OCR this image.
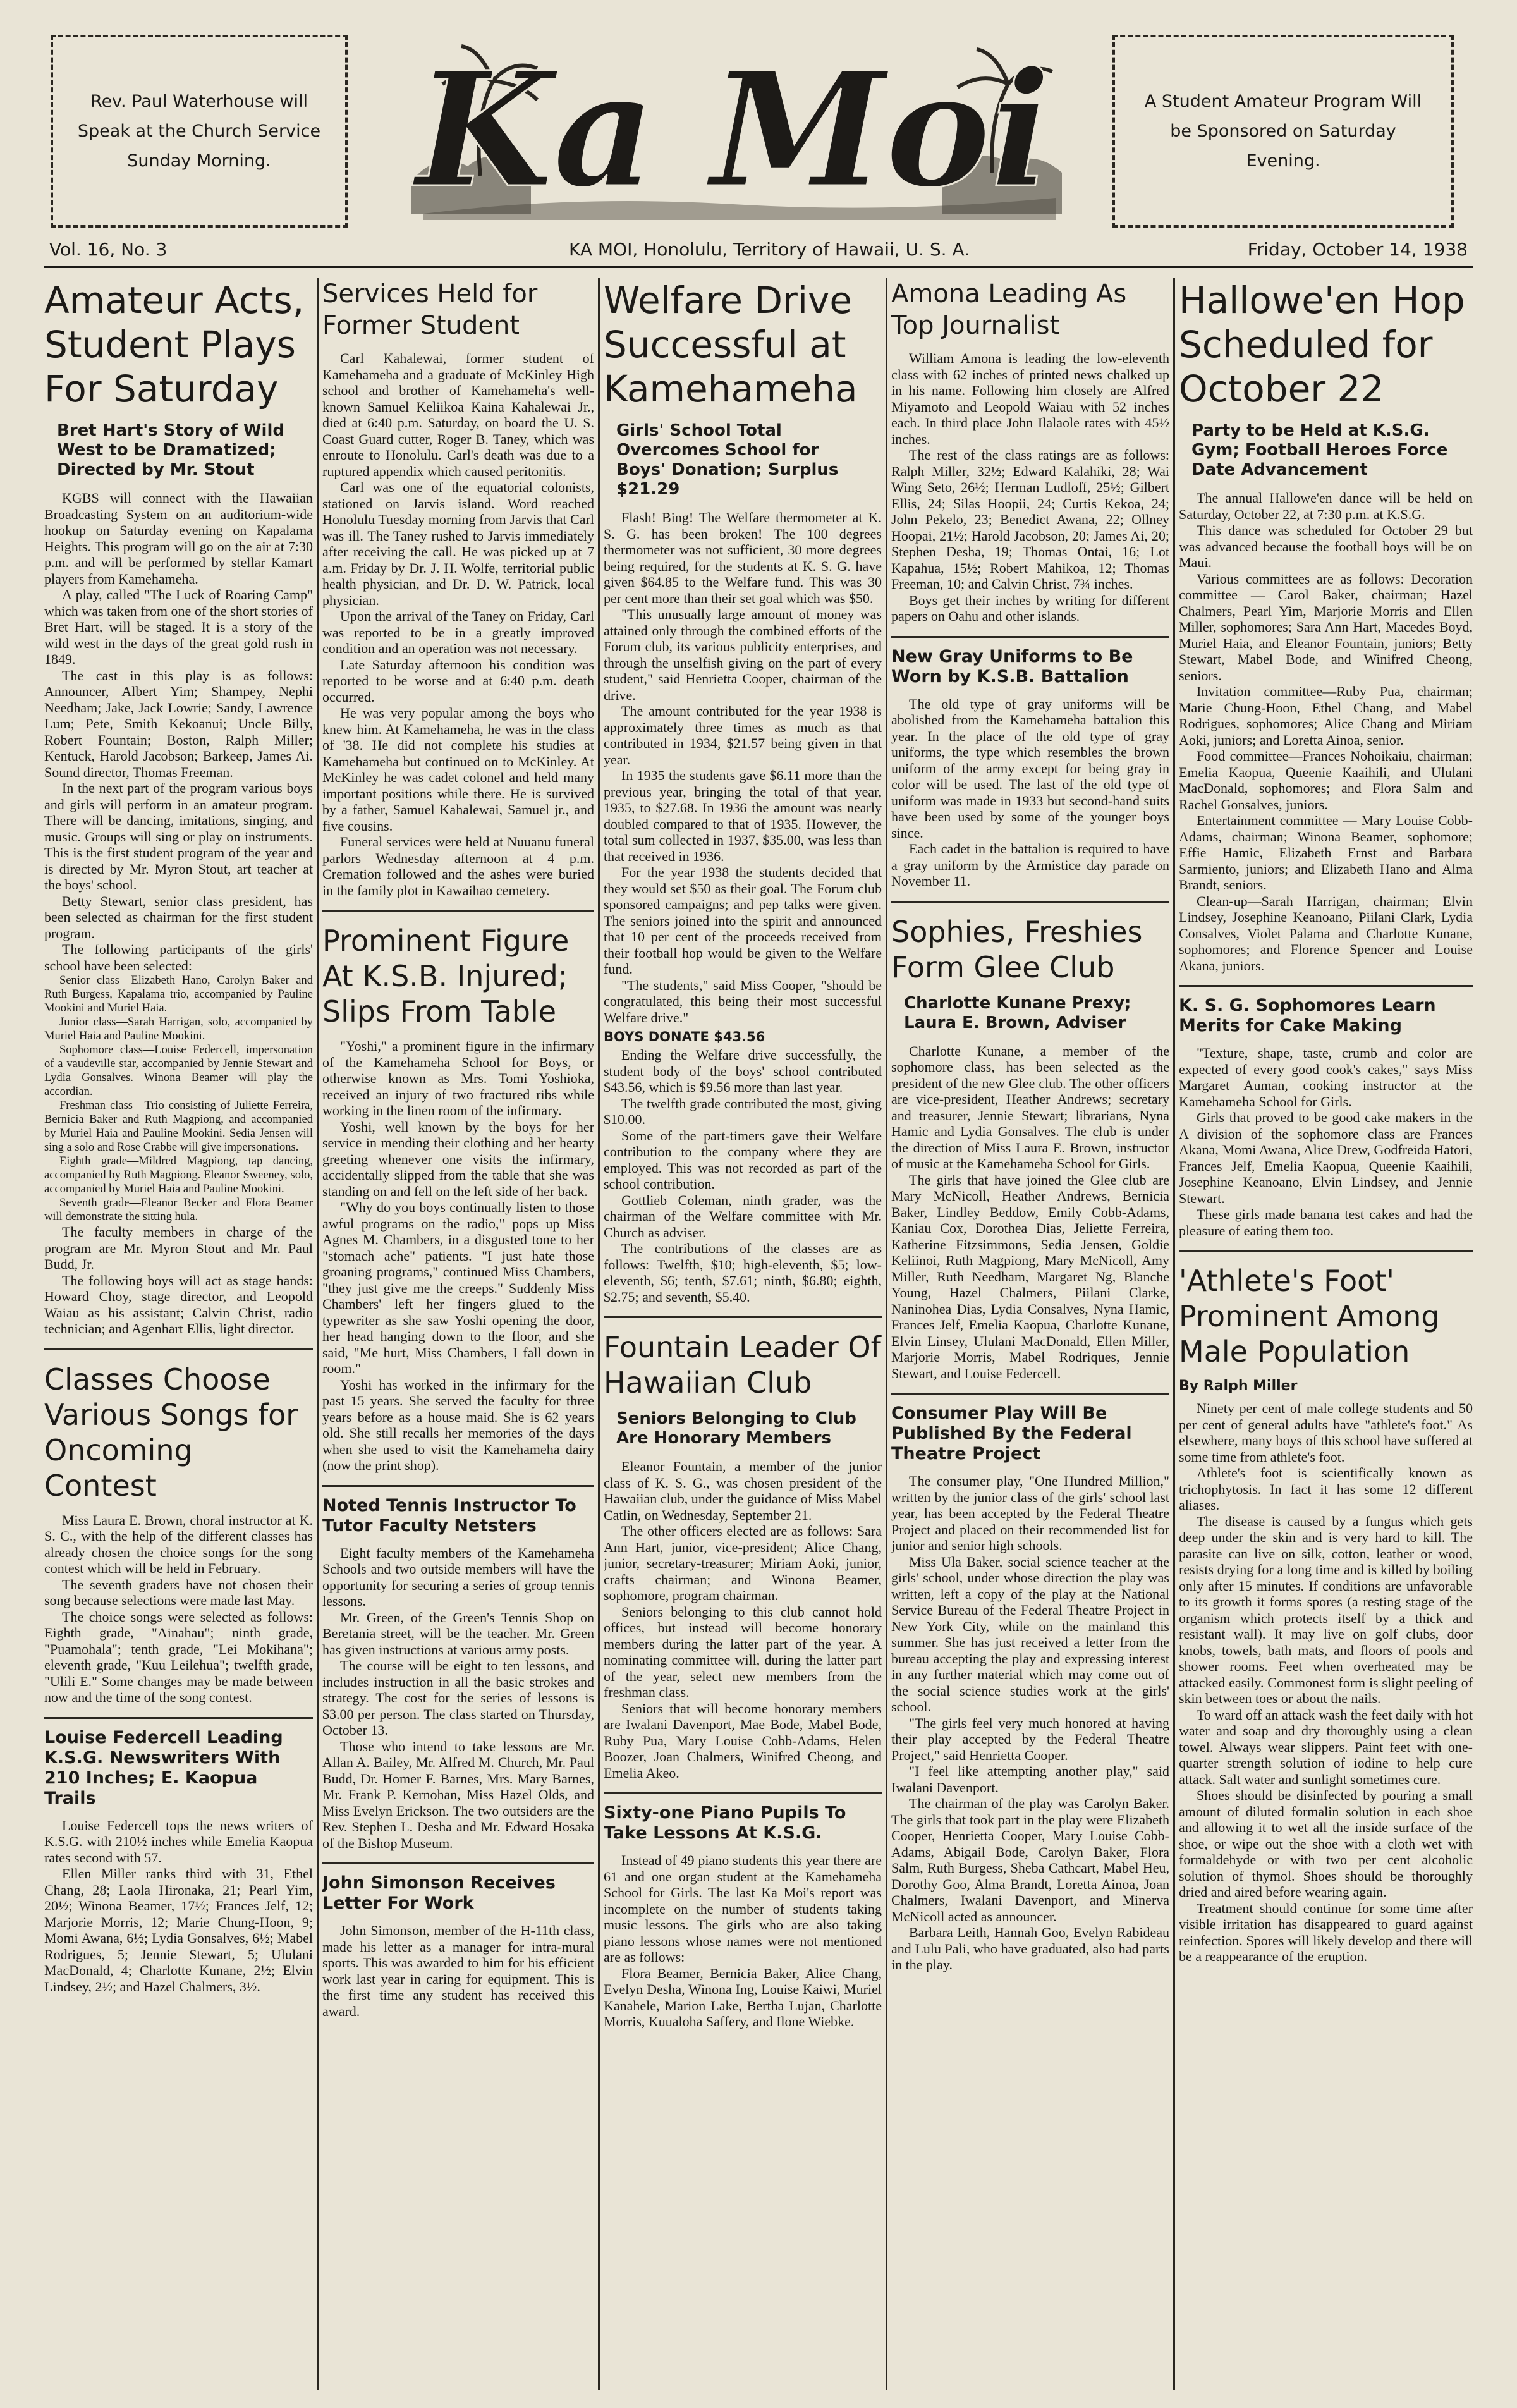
Rev. Paul Waterhouse will Speak at the Church Service Sunday Morning. Ka Moi	A Student Amateur Program Will be Sponsored on Saturday Evening.
Vol. 16, No. 3	KA MOI, Honolulu, Territory of Hawaii, U. S. A.	Friday, October 14, 1938
Amateur Acts, Student Plays For Saturday
Bret Hart's Story of Wild West to be Dramatized; Directed by Mr. Stout

KGBS will connect with the Hawaiian Broadcasting System on an auditorium-wide hookup on Saturday evening on Kapalama Heights. This program will go on the air at 7:30 p.m. and will be performed by stellar Kamart players from Kamehameha.

A play, called "The Luck of Roaring Camp" which was taken from one of the short stories of Bret Hart, will be staged. It is a story of the wild west in the days of the great gold rush in 1849.

The cast in this play is as follows: Announcer, Albert Yim; Shampey, Nephi Needham; Jake, Jack Lowrie; Sandy, Lawrence Lum; Pete, Smith Kekoanui; Uncle Billy, Robert Fountain; Boston, Ralph Miller; Kentuck, Harold Jacobson; Barkeep, James Ai. Sound director, Thomas Freeman.

In the next part of the program various boys and girls will perform in an amateur program. There will be dancing, imitations, singing, and music. Groups will sing or play on instruments. This is the first student program of the year and is directed by Mr. Myron Stout, art teacher at the boys' school.

Betty Stewart, senior class president, has been selected as chairman for the first student program.

The following participants of the girls' school have been selected:

Senior class—Elizabeth Hano, Carolyn Baker and Ruth Burgess, Kapalama trio, accompanied by Pauline Mookini and Muriel Haia.

Junior class—Sarah Harrigan, solo, accompanied by Muriel Haia and Pauline Mookini.

Sophomore class—Louise Federcell, impersonation of a vaudeville star, accompanied by Jennie Stewart and Lydia Gonsalves. Winona Beamer will play the accordian.

Freshman class—Trio consisting of Juliette Ferreira, Bernicia Baker and Ruth Magpiong, and accompanied by Muriel Haia and Pauline Mookini. Sedia Jensen will sing a solo and Rose Crabbe will give impersonations.

Eighth grade—Mildred Magpiong, tap dancing, accompanied by Ruth Magpiong. Eleanor Sweeney, solo, accompanied by Muriel Haia and Pauline Mookini.

Seventh grade—Eleanor Becker and Flora Beamer will demonstrate the sitting hula.

The faculty members in charge of the program are Mr. Myron Stout and Mr. Paul Budd, Jr.

The following boys will act as stage hands: Howard Choy, stage director, and Leopold Waiau as his assistant; Calvin Christ, radio technician; and Agenhart Ellis, light director.

Classes Choose Various Songs for Oncoming Contest

Miss Laura E. Brown, choral instructor at K. S. C., with the help of the different classes has already chosen the choice songs for the song contest which will be held in February.

The seventh graders have not chosen their song because selections were made last May.

The choice songs were selected as follows: Eighth grade, "Ainahau"; ninth grade, "Puamohala"; tenth grade, "Lei Mokihana"; eleventh grade, "Kuu Leilehua"; twelfth grade, "Ulili E." Some changes may be made between now and the time of the song contest.

Louise Federcell Leading K.S.G. Newswriters With 210 Inches; E. Kaopua Trails

Louise Federcell tops the news writers of K.S.G. with 210½ inches while Emelia Kaopua rates second with 57.

Ellen Miller ranks third with 31, Ethel Chang, 28; Laola Hironaka, 21; Pearl Yim, 20½; Winona Beamer, 17½; Frances Jelf, 12; Marjorie Morris, 12; Marie Chung-Hoon, 9; Momi Awana, 6½; Lydia Gonsalves, 6½; Mabel Rodrigues, 5; Jennie Stewart, 5; Ululani MacDonald, 4; Charlotte Kunane, 2½; Elvin Lindsey, 2½; and Hazel Chalmers, 3½.

Services Held for Former Student

Carl Kahalewai, former student of Kamehameha and a graduate of McKinley High school and brother of Kamehameha's well-known Samuel Keliikoa Kaina Kahalewai Jr., died at 6:40 p.m. Saturday, on board the U. S. Coast Guard cutter, Roger B. Taney, which was enroute to Honolulu. Carl's death was due to a ruptured appendix which caused peritonitis.

Carl was one of the equatorial colonists, stationed on Jarvis island. Word reached Honolulu Tuesday morning from Jarvis that Carl was ill. The Taney rushed to Jarvis immediately after receiving the call. He was picked up at 7 a.m. Friday by Dr. J. H. Wolfe, territorial public health physician, and Dr. D. W. Patrick, local physician.

Upon the arrival of the Taney on Friday, Carl was reported to be in a greatly improved condition and an operation was not necessary.

Late Saturday afternoon his condition was reported to be worse and at 6:40 p.m. death occurred.

He was very popular among the boys who knew him. At Kamehameha, he was in the class of '38. He did not complete his studies at Kamehameha but continued on to McKinley. At McKinley he was cadet colonel and held many important positions while there. He is survived by a father, Samuel Kahalewai, Samuel jr., and five cousins.

Funeral services were held at Nuuanu funeral parlors Wednesday afternoon at 4 p.m. Cremation followed and the ashes were buried in the family plot in Kawaihao cemetery.

Prominent Figure At K.S.B. Injured; Slips From Table

"Yoshi," a prominent figure in the infirmary of the Kamehameha School for Boys, or otherwise known as Mrs. Tomi Yoshioka, received an injury of two fractured ribs while working in the linen room of the infirmary.

Yoshi, well known by the boys for her service in mending their clothing and her hearty greeting whenever one visits the infirmary, accidentally slipped from the table that she was standing on and fell on the left side of her back.

"Why do you boys continually listen to those awful programs on the radio," pops up Miss Agnes M. Chambers, in a disgusted tone to her "stomach ache" patients. "I just hate those groaning programs," continued Miss Chambers, "they just give me the creeps." Suddenly Miss Chambers' left her fingers glued to the typewriter as she saw Yoshi opening the door, her head hanging down to the floor, and she said, "Me hurt, Miss Chambers, I fall down in room."

Yoshi has worked in the infirmary for the past 15 years. She served the faculty for three years before as a house maid. She is 62 years old. She still recalls her memories of the days when she used to visit the Kamehameha dairy (now the print shop).

Noted Tennis Instructor To Tutor Faculty Netsters

Eight faculty members of the Kamehameha Schools and two outside members will have the opportunity for securing a series of group tennis lessons.

Mr. Green, of the Green's Tennis Shop on Beretania street, will be the teacher. Mr. Green has given instructions at various army posts.

The course will be eight to ten lessons, and includes instruction in all the basic strokes and strategy. The cost for the series of lessons is $3.00 per person. The class started on Thursday, October 13.

Those who intend to take lessons are Mr. Allan A. Bailey, Mr. Alfred M. Church, Mr. Paul Budd, Dr. Homer F. Barnes, Mrs. Mary Barnes, Mr. Frank P. Kernohan, Miss Hazel Olds, and Miss Evelyn Erickson. The two outsiders are the Rev. Stephen L. Desha and Mr. Edward Hosaka of the Bishop Museum.

John Simonson Receives Letter For Work

John Simonson, member of the H-11th class, made his letter as a manager for intra-mural sports. This was awarded to him for his efficient work last year in caring for equipment. This is the first time any student has received this award.

Welfare Drive Successful at Kamehameha
Girls' School Total Overcomes School for Boys' Donation; Surplus $21.29

Flash! Bing! The Welfare thermometer at K. S. G. has been broken! The 100 degrees thermometer was not sufficient, 30 more degrees being required, for the students at K. S. G. have given $64.85 to the Welfare fund. This was 30 per cent more than their set goal which was $50.

"This unusually large amount of money was attained only through the combined efforts of the Forum club, its various publicity enterprises, and through the unselfish giving on the part of every student," said Henrietta Cooper, chairman of the drive.

The amount contributed for the year 1938 is approximately three times as much as that contributed in 1934, $21.57 being given in that year.

In 1935 the students gave $6.11 more than the previous year, bringing the total of that year, 1935, to $27.68. In 1936 the amount was nearly doubled compared to that of 1935. However, the total sum collected in 1937, $35.00, was less than that received in 1936.

For the year 1938 the students decided that they would set $50 as their goal. The Forum club sponsored campaigns; and pep talks were given. The seniors joined into the spirit and announced that 10 per cent of the proceeds received from their football hop would be given to the Welfare fund.

"The students," said Miss Cooper, "should be congratulated, this being their most successful Welfare drive."

BOYS DONATE $43.56

Ending the Welfare drive successfully, the student body of the boys' school contributed $43.56, which is $9.56 more than last year.

The twelfth grade contributed the most, giving $10.00.

Some of the part-timers gave their Welfare contribution to the company where they are employed. This was not recorded as part of the school contribution.

Gottlieb Coleman, ninth grader, was the chairman of the Welfare committee with Mr. Church as adviser.

The contributions of the classes are as follows: Twelfth, $10; high-eleventh, $5; low-eleventh, $6; tenth, $7.61; ninth, $6.80; eighth, $2.75; and seventh, $5.40.

Fountain Leader Of Hawaiian Club
Seniors Belonging to Club Are Honorary Members

Eleanor Fountain, a member of the junior class of K. S. G., was chosen president of the Hawaiian club, under the guidance of Miss Mabel Catlin, on Wednesday, September 21.

The other officers elected are as follows: Sara Ann Hart, junior, vice-president; Alice Chang, junior, secretary-treasurer; Miriam Aoki, junior, crafts chairman; and Winona Beamer, sophomore, program chairman.

Seniors belonging to this club cannot hold offices, but instead will become honorary members during the latter part of the year. A nominating committee will, during the latter part of the year, select new members from the freshman class.

Seniors that will become honorary members are Iwalani Davenport, Mae Bode, Mabel Bode, Ruby Pua, Mary Louise Cobb-Adams, Helen Boozer, Joan Chalmers, Winifred Cheong, and Emelia Akeo.

Sixty-one Piano Pupils To Take Lessons At K.S.G.

Instead of 49 piano students this year there are 61 and one organ student at the Kamehameha School for Girls. The last Ka Moi's report was incomplete on the number of students taking music lessons. The girls who are also taking piano lessons whose names were not mentioned are as follows:

Flora Beamer, Bernicia Baker, Alice Chang, Evelyn Desha, Winona Ing, Louise Kaiwi, Muriel Kanahele, Marion Lake, Bertha Lujan, Charlotte Morris, Kuualoha Saffery, and Ilone Wiebke.

Amona Leading As Top Journalist

William Amona is leading the low-eleventh class with 62 inches of printed news chalked up in his name. Following him closely are Alfred Miyamoto and Leopold Waiau with 52 inches each. In third place John Ilalaole rates with 45½ inches.

The rest of the class ratings are as follows: Ralph Miller, 32½; Edward Kalahiki, 28; Wai Wing Seto, 26½; Herman Ludloff, 25½; Gilbert Ellis, 24; Silas Hoopii, 24; Curtis Kekoa, 24; John Pekelo, 23; Benedict Awana, 22; Ollney Hoopai, 21½; Harold Jacobson, 20; James Ai, 20; Stephen Desha, 19; Thomas Ontai, 16; Lot Kapahua, 15½; Robert Mahikoa, 12; Thomas Freeman, 10; and Calvin Christ, 7¾ inches.

Boys get their inches by writing for different papers on Oahu and other islands.

New Gray Uniforms to Be Worn by K.S.B. Battalion

The old type of gray uniforms will be abolished from the Kamehameha battalion this year. In the place of the old type of gray uniforms, the type which resembles the brown uniform of the army except for being gray in color will be used. The last of the old type of uniform was made in 1933 but second-hand suits have been used by some of the younger boys since.

Each cadet in the battalion is required to have a gray uniform by the Armistice day parade on November 11.

Sophies, Freshies Form Glee Club
Charlotte Kunane Prexy; Laura E. Brown, Adviser

Charlotte Kunane, a member of the sophomore class, has been selected as the president of the new Glee club. The other officers are vice-president, Heather Andrews; secretary and treasurer, Jennie Stewart; librarians, Nyna Hamic and Lydia Gonsalves. The club is under the direction of Miss Laura E. Brown, instructor of music at the Kamehameha School for Girls.

The girls that have joined the Glee club are Mary McNicoll, Heather Andrews, Bernicia Baker, Lindley Beddow, Emily Cobb-Adams, Kaniau Cox, Dorothea Dias, Jeliette Ferreira, Katherine Fitzsimmons, Sedia Jensen, Goldie Keliinoi, Ruth Magpiong, Mary McNicoll, Amy Miller, Ruth Needham, Margaret Ng, Blanche Young, Hazel Chalmers, Piilani Clarke, Naninohea Dias, Lydia Consalves, Nyna Hamic, Frances Jelf, Emelia Kaopua, Charlotte Kunane, Elvin Linsey, Ululani MacDonald, Ellen Miller, Marjorie Morris, Mabel Rodriques, Jennie Stewart, and Louise Federcell.

Consumer Play Will Be Published By the Federal Theatre Project

The consumer play, "One Hundred Million," written by the junior class of the girls' school last year, has been accepted by the Federal Theatre Project and placed on their recommended list for junior and senior high schools.

Miss Ula Baker, social science teacher at the girls' school, under whose direction the play was written, left a copy of the play at the National Service Bureau of the Federal Theatre Project in New York City, while on the mainland this summer. She has just received a letter from the bureau accepting the play and expressing interest in any further material which may come out of the social science studies work at the girls' school.

"The girls feel very much honored at having their play accepted by the Federal Theatre Project," said Henrietta Cooper.

"I feel like attempting another play," said Iwalani Davenport.

The chairman of the play was Carolyn Baker. The girls that took part in the play were Elizabeth Cooper, Henrietta Cooper, Mary Louise Cobb-Adams, Abigail Bode, Carolyn Baker, Flora Salm, Ruth Burgess, Sheba Cathcart, Mabel Heu, Dorothy Goo, Alma Brandt, Loretta Ainoa, Joan Chalmers, Iwalani Davenport, and Minerva McNicoll acted as announcer.

Barbara Leith, Hannah Goo, Evelyn Rabideau and Lulu Pali, who have graduated, also had parts in the play.

Hallowe'en Hop Scheduled for October 22
Party to be Held at K.S.G. Gym; Football Heroes Force Date Advancement

The annual Hallowe'en dance will be held on Saturday, October 22, at 7:30 p.m. at K.S.G.

This dance was scheduled for October 29 but was advanced because the football boys will be on Maui.

Various committees are as follows: Decoration committee — Carol Baker, chairman; Hazel Chalmers, Pearl Yim, Marjorie Morris and Ellen Miller, sophomores; Sara Ann Hart, Macedes Boyd, Muriel Haia, and Eleanor Fountain, juniors; Betty Stewart, Mabel Bode, and Winifred Cheong, seniors.

Invitation committee—Ruby Pua, chairman; Marie Chung-Hoon, Ethel Chang, and Mabel Rodrigues, sophomores; Alice Chang and Miriam Aoki, juniors; and Loretta Ainoa, senior.

Food committee—Frances Nohoikaiu, chairman; Emelia Kaopua, Queenie Kaaihili, and Ululani MacDonald, sophomores; and Flora Salm and Rachel Gonsalves, juniors.

Entertainment committee — Mary Louise Cobb-Adams, chairman; Winona Beamer, sophomore; Effie Hamic, Elizabeth Ernst and Barbara Sarmiento, juniors; and Elizabeth Hano and Alma Brandt, seniors.

Clean-up—Sarah Harrigan, chairman; Elvin Lindsey, Josephine Keanoano, Piilani Clark, Lydia Consalves, Violet Palama and Charlotte Kunane, sophomores; and Florence Spencer and Louise Akana, juniors.

K. S. G. Sophomores Learn Merits for Cake Making

"Texture, shape, taste, crumb and color are expected of every good cook's cakes," says Miss Margaret Auman, cooking instructor at the Kamehameha School for Girls.

Girls that proved to be good cake makers in the A division of the sophomore class are Frances Akana, Momi Awana, Alice Drew, Godfreida Hatori, Frances Jelf, Emelia Kaopua, Queenie Kaaihili, Josephine Keanoano, Elvin Lindsey, and Jennie Stewart.

These girls made banana test cakes and had the pleasure of eating them too.

'Athlete's Foot' Prominent Among Male Population
By Ralph Miller

Ninety per cent of male college students and 50 per cent of general adults have "athlete's foot." As elsewhere, many boys of this school have suffered at some time from athlete's foot.

Athlete's foot is scientifically known as trichophytosis. In fact it has some 12 different aliases.

The disease is caused by a fungus which gets deep under the skin and is very hard to kill. The parasite can live on silk, cotton, leather or wood, resists drying for a long time and is killed by boiling only after 15 minutes. If conditions are unfavorable to its growth it forms spores (a resting stage of the organism which protects itself by a thick and resistant wall). It may live on golf clubs, door knobs, towels, bath mats, and floors of pools and shower rooms. Feet when overheated may be attacked easily. Commonest form is slight peeling of skin between toes or about the nails.

To ward off an attack wash the feet daily with hot water and soap and dry thoroughly using a clean towel. Always wear slippers. Paint feet with one-quarter strength solution of iodine to help cure attack. Salt water and sunlight sometimes cure.

Shoes should be disinfected by pouring a small amount of diluted formalin solution in each shoe and allowing it to wet all the inside surface of the shoe, or wipe out the shoe with a cloth wet with formaldehyde or with two per cent alcoholic solution of thymol. Shoes should be thoroughly dried and aired before wearing again.

Treatment should continue for some time after visible irritation has disappeared to guard against reinfection. Spores will likely develop and there will be a reappearance of the eruption.
